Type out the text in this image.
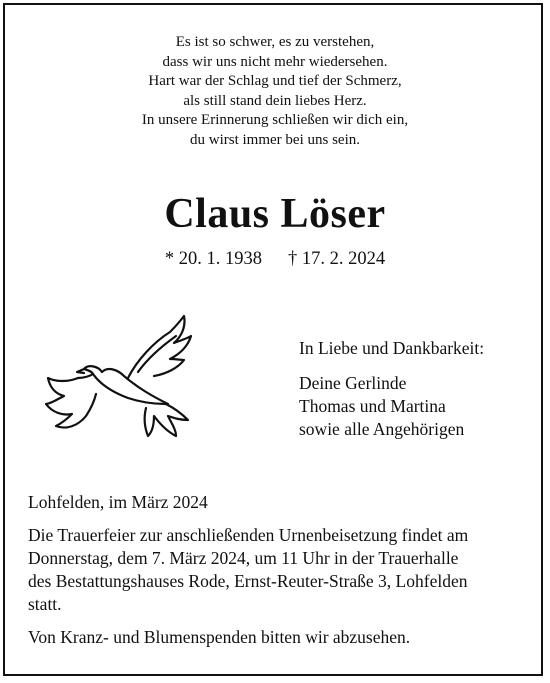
Es ist so schwer, es zu verstehen,
dass wir uns nicht mehr wiedersehen.
Hart war der Schlag und tief der Schmerz,
als still stand dein liebes Herz.
In unsere Erinnerung schließen wir dich ein,
du wirst immer bei uns sein.
Claus Löser
* 20. 1. 1938 † 17. 2. 2024
In Liebe und Dankbarkeit:
Deine Gerlinde
Thomas und Martina
sowie alle Angehörigen
Lohfelden, im März 2024
Die Trauerfeier zur anschließenden Urnenbeisetzung findet am
Donnerstag, dem 7. März 2024, um 11 Uhr in der Trauerhalle
des Bestattungshauses Rode, Ernst-Reuter-Straße 3, Lohfelden
statt.
Von Kranz- und Blumenspenden bitten wir abzusehen.
